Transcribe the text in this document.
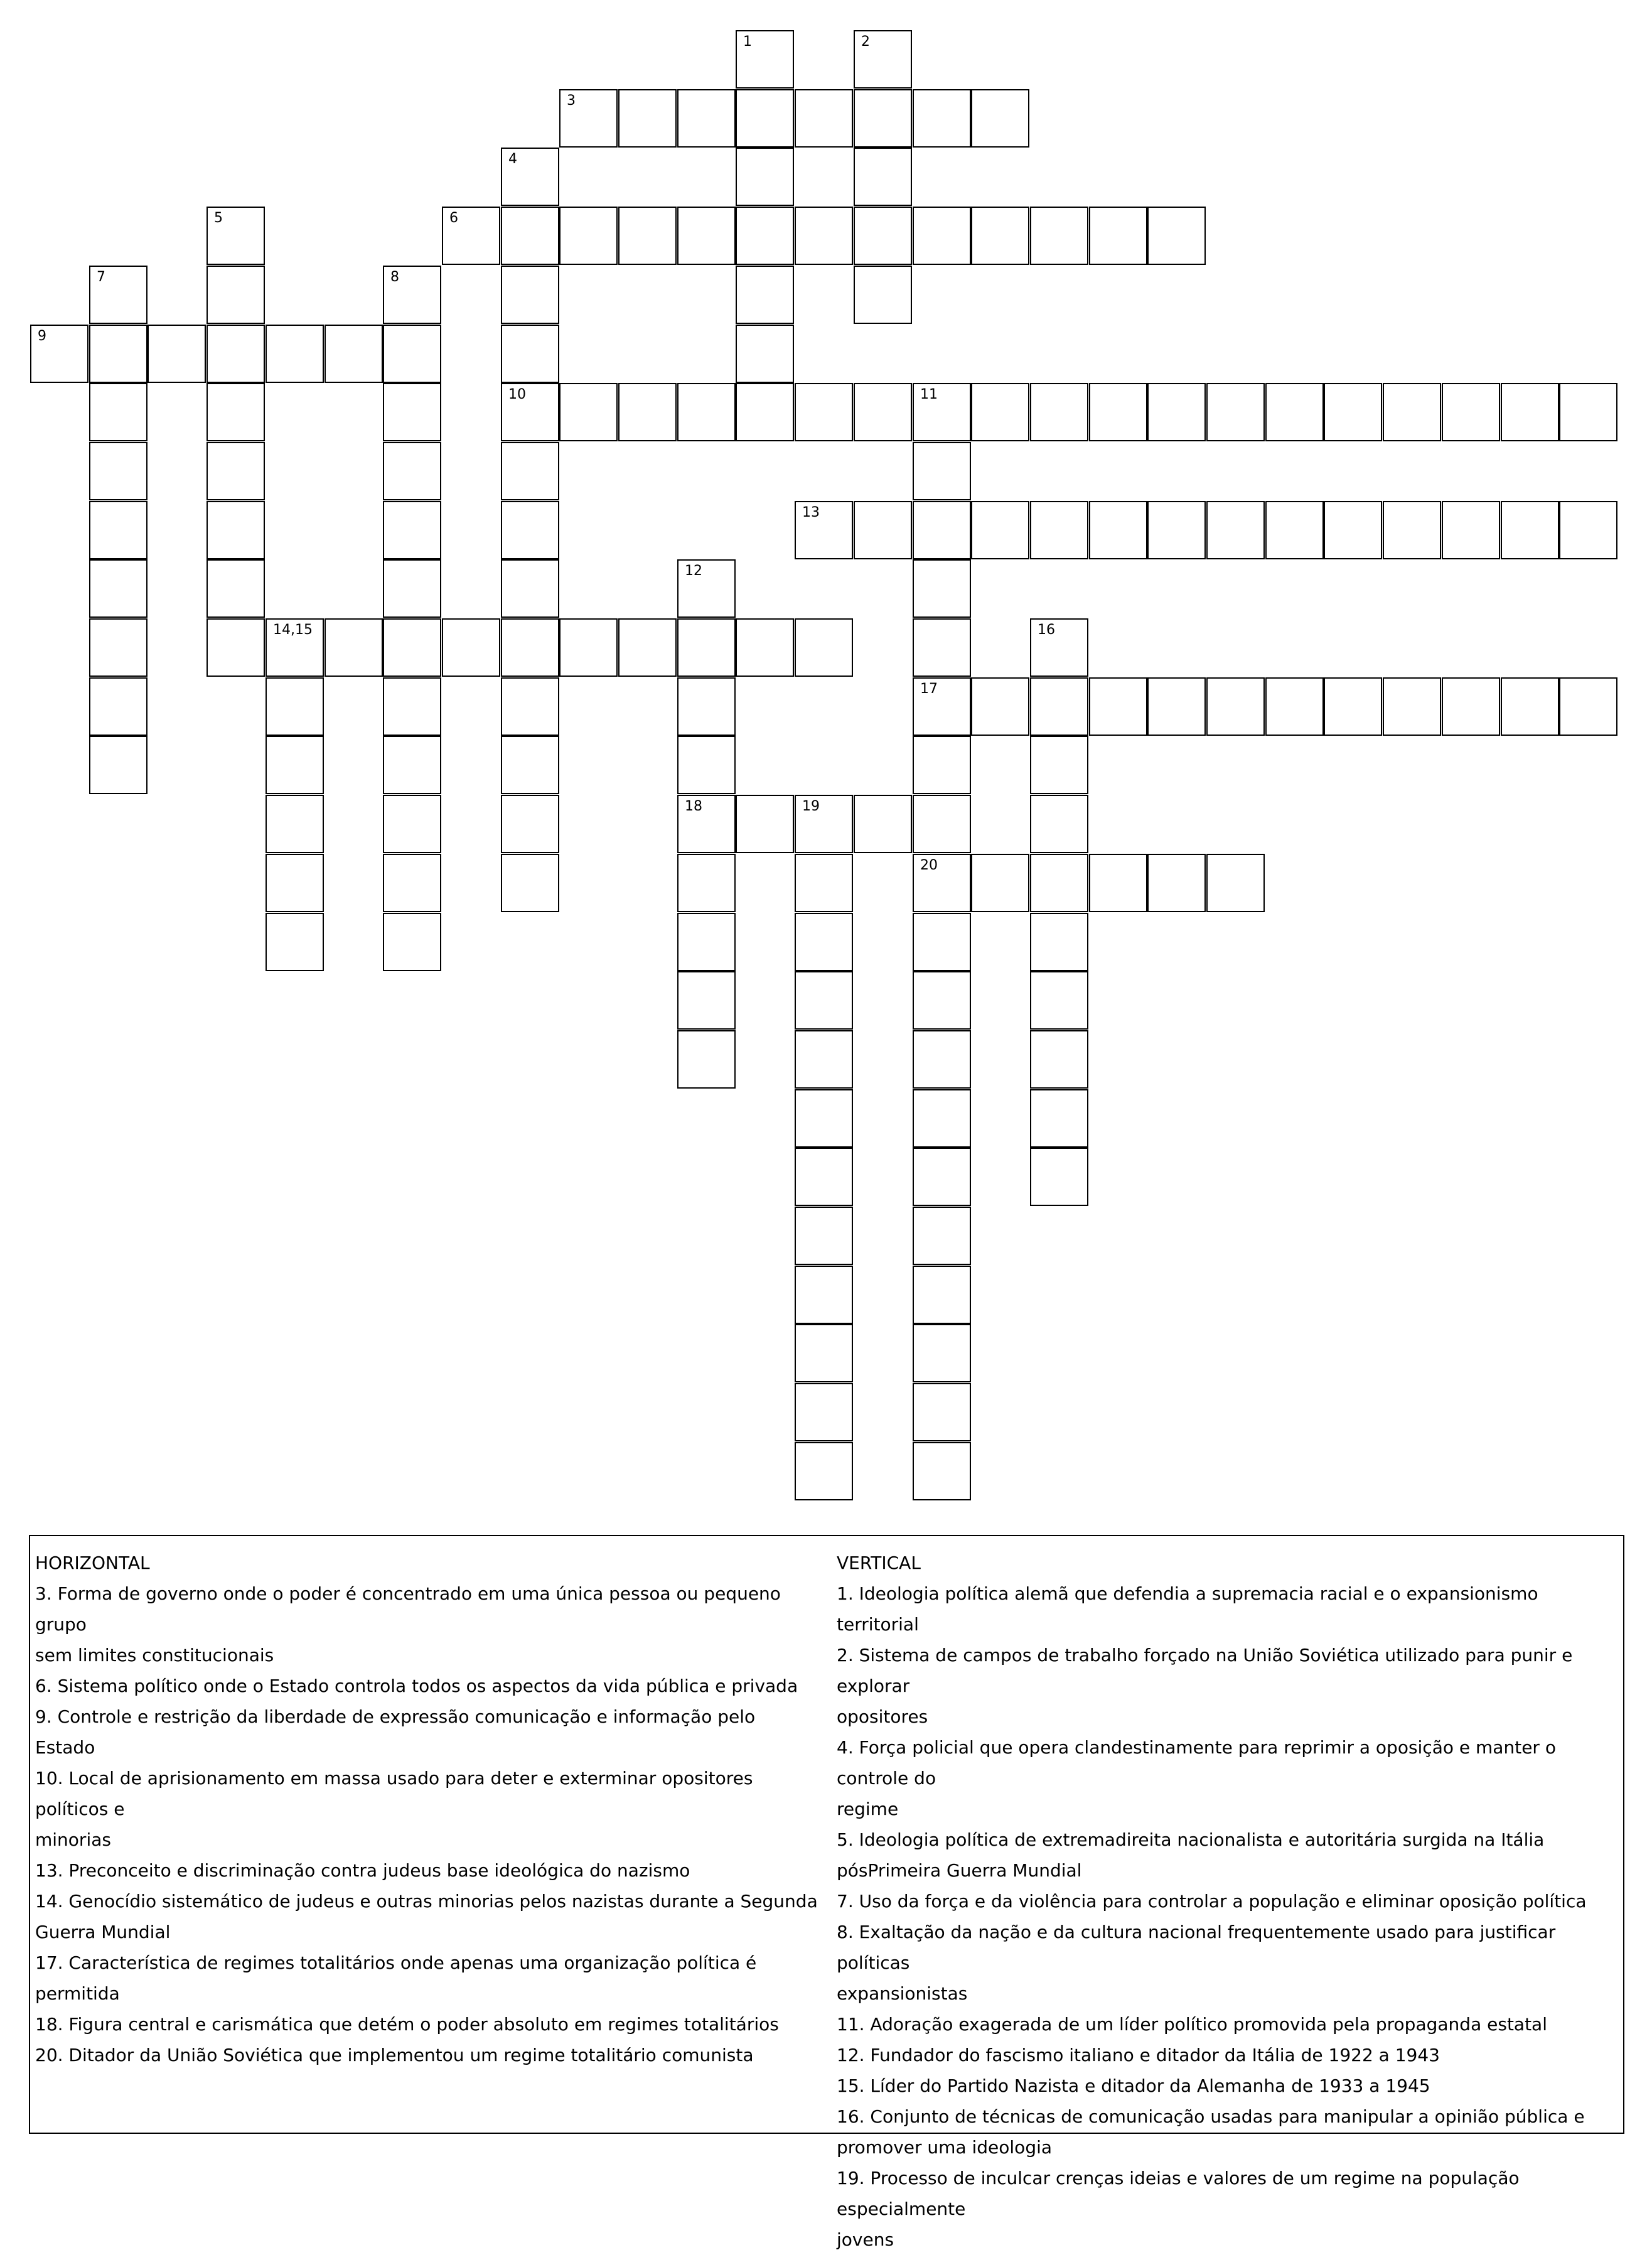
3
6
9
10	11
13
14,15
17
18	19
20
1	2
4
5
7	8
12
16
HORIZONTAL
3. Forma de governo onde o poder é concentrado em uma única pessoa ou pequeno grupo
sem limites constitucionais
6. Sistema político onde o Estado controla todos os aspectos da vida pública e privada
9. Controle e restrição da liberdade de expressão comunicação e informação pelo Estado
10. Local de aprisionamento em massa usado para deter e exterminar opositores políticos e
minorias
13. Preconceito e discriminação contra judeus base ideológica do nazismo
14. Genocídio sistemático de judeus e outras minorias pelos nazistas durante a Segunda
Guerra Mundial
17. Característica de regimes totalitários onde apenas uma organização política é permitida
18. Figura central e carismática que detém o poder absoluto em regimes totalitários
20. Ditador da União Soviética que implementou um regime totalitário comunista
VERTICAL
1. Ideologia política alemã que defendia a supremacia racial e o expansionismo territorial
2. Sistema de campos de trabalho forçado na União Soviética utilizado para punir e explorar
opositores
4. Força policial que opera clandestinamente para reprimir a oposição e manter o controle do
regime
5. Ideologia política de extremadireita nacionalista e autoritária surgida na Itália
pósPrimeira Guerra Mundial
7. Uso da força e da violência para controlar a população e eliminar oposição política
8. Exaltação da nação e da cultura nacional frequentemente usado para justificar políticas
expansionistas
11. Adoração exagerada de um líder político promovida pela propaganda estatal
12. Fundador do fascismo italiano e ditador da Itália de 1922 a 1943
15. Líder do Partido Nazista e ditador da Alemanha de 1933 a 1945
16. Conjunto de técnicas de comunicação usadas para manipular a opinião pública e
promover uma ideologia
19. Processo de inculcar crenças ideias e valores de um regime na população especialmente
jovens
